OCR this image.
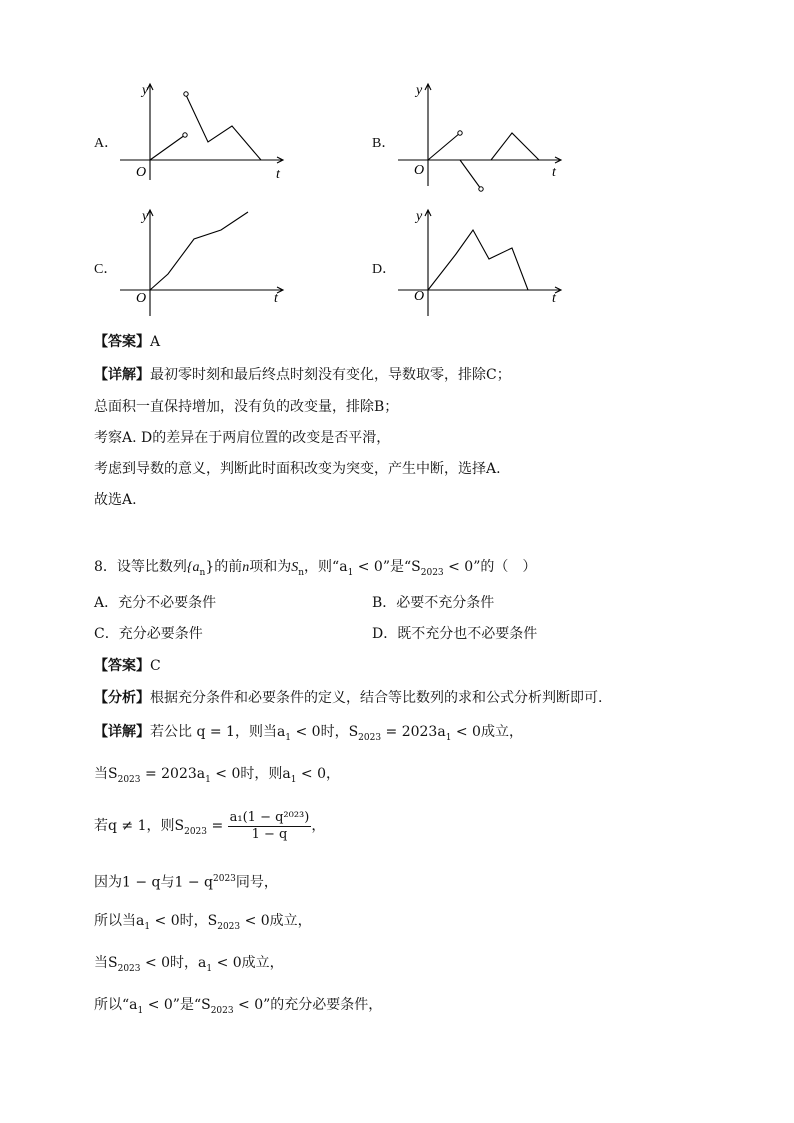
A．
y
O	t
B．
y
O	t
C．
y
O	t
D．
y
O	t
【答案】A
【详解】最初零时刻和最后终点时刻没有变化，导数取零，排除C；
总面积一直保持增加，没有负的改变量，排除B；
考察A. D的差异在于两肩位置的改变是否平滑，
考虑到导数的意义，判断此时面积改变为突变，产生中断，选择A.
故选A.
8．设等比数列$\{a_n\}$的前n项和为$S_n$，则“$a_1 < 0$”是“$S_{2023} < 0$”的（　）
A．充分不必要条件	B．必要不充分条件
C．充分必要条件	D．既不充分也不必要条件
【答案】C
【分析】根据充分条件和必要条件的定义，结合等比数列的求和公式分析判断即可.
【详解】若公比 q = 1，则当$a_1 < 0$时，$S_{2023} = 2023a_1 < 0$成立，
当$S_{2023} = 2023a_1 < 0$时，则$a_1 < 0$，
若q ≠ 1，则$S_{2023} = \frac{\text{a₁(1 − q²⁰²³)}}{1 - q}$ ，
因为1 − q与$1 - q^{2023}$同号，
所以当$a_1 < 0$时，$S_{2023} < 0$成立，
当$S_{2023} < 0$时，$a_1 < 0$成立，
所以“$a_1 < 0$”是“$S_{2023} < 0$”的充分必要条件，
